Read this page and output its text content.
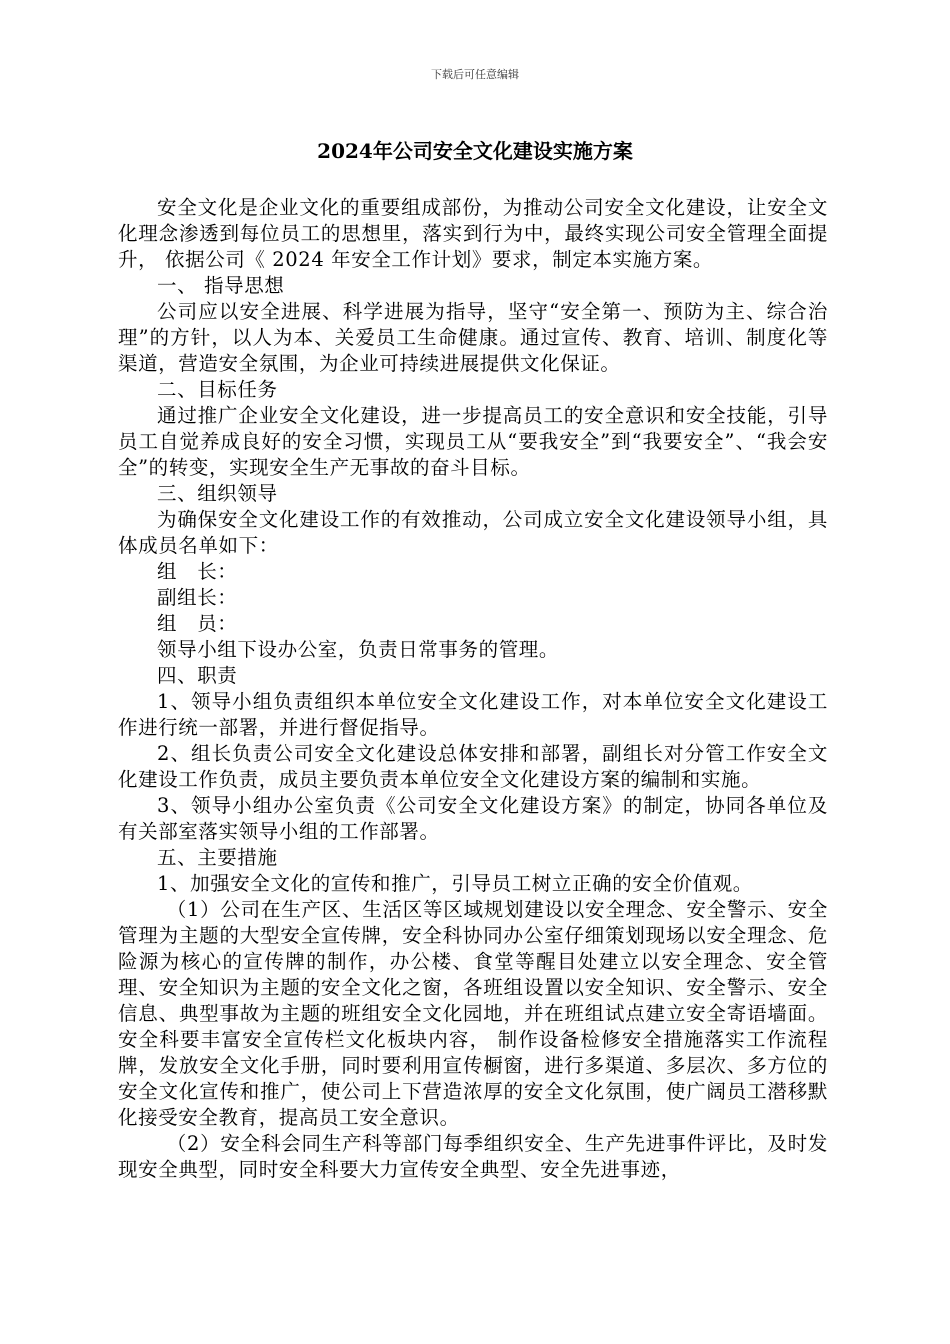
下载后可任意编辑
2024年公司安全文化建设实施方案

安全文化是企业文化的重要组成部份，为推动公司安全文化建设，让安全文化理念渗透到每位员工的思想里，落实到行为中，最终实现公司安全管理全面提升， 依据公司《 2024 年安全工作计划》要求，制定本实施方案。

一、 指导思想

公司应以安全进展、科学进展为指导，坚守“安全第一、预防为主、综合治理”的方针，以人为本、关爱员工生命健康。通过宣传、教育、培训、制度化等渠道，营造安全氛围，为企业可持续进展提供文化保证。

二、目标任务

通过推广企业安全文化建设，进一步提高员工的安全意识和安全技能，引导员工自觉养成良好的安全习惯，实现员工从“要我安全”到“我要安全”、“我会安全”的转变，实现安全生产无事故的奋斗目标。

三、组织领导

为确保安全文化建设工作的有效推动，公司成立安全文化建设领导小组，具体成员名单如下：

组　长：

副组长：

组　员：

领导小组下设办公室，负责日常事务的管理。

四、职责

1、领导小组负责组织本单位安全文化建设工作，对本单位安全文化建设工作进行统一部署，并进行督促指导。

2、组长负责公司安全文化建设总体安排和部署，副组长对分管工作安全文化建设工作负责，成员主要负责本单位安全文化建设方案的编制和实施。

3、领导小组办公室负责《公司安全文化建设方案》的制定，协同各单位及有关部室落实领导小组的工作部署。

五、主要措施

1、加强安全文化的宣传和推广，引导员工树立正确的安全价值观。

（1）公司在生产区、生活区等区域规划建设以安全理念、安全警示、安全管理为主题的大型安全宣传牌，安全科协同办公室仔细策划现场以安全理念、危险源为核心的宣传牌的制作，办公楼、食堂等醒目处建立以安全理念、安全管理、安全知识为主题的安全文化之窗，各班组设置以安全知识、安全警示、安全信息、典型事故为主题的班组安全文化园地，并在班组试点建立安全寄语墙面。安全科要丰富安全宣传栏文化板块内容， 制作设备检修安全措施落实工作流程牌，发放安全文化手册，同时要利用宣传橱窗，进行多渠道、多层次、多方位的安全文化宣传和推广，使公司上下营造浓厚的安全文化氛围，使广阔员工潜移默化接受安全教育，提高员工安全意识。

（2）安全科会同生产科等部门每季组织安全、生产先进事件评比，及时发现安全典型，同时安全科要大力宣传安全典型、安全先进事迹，
